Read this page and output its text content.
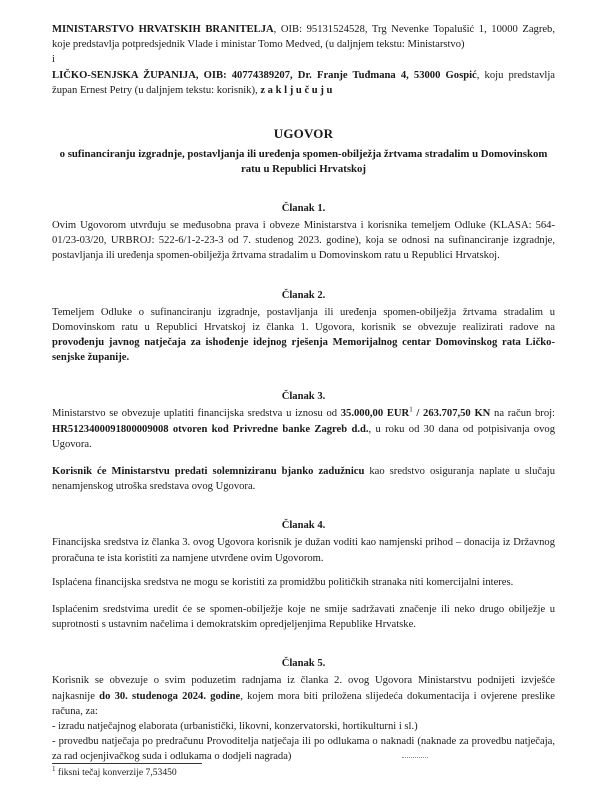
MINISTARSTVO HRVATSKIH BRANITELJA, OIB: 95131524528, Trg Nevenke Topalušić 1, 10000 Zagreb, koje predstavlja potpredsjednik Vlade i ministar Tomo Medved, (u daljnjem tekstu: Ministarstvo)

i

LIČKO-SENJSKA ŽUPANIJA, OIB: 40774389207, Dr. Franje Tuđmana 4, 53000 Gospić, koju predstavlja župan Ernest Petry (u daljnjem tekstu: korisnik), z a k l j u č u j u

UGOVOR
o sufinanciranju izgradnje, postavljanja ili uređenja spomen-obilježja žrtvama stradalim u Domovinskom ratu u Republici Hrvatskoj
Članak 1.

Ovim Ugovorom utvrđuju se međusobna prava i obveze Ministarstva i korisnika temeljem Odluke (KLASA: 564-01/23-03/20, URBROJ: 522-6/1-2-23-3 od 7. studenog 2023. godine), koja se odnosi na sufinanciranje izgradnje, postavljanja ili uređenja spomen-obilježja žrtvama stradalim u Domovinskom ratu u Republici Hrvatskoj.

Članak 2.

Temeljem Odluke o sufinanciranju izgradnje, postavljanja ili uređenja spomen-obilježja žrtvama stradalim u Domovinskom ratu u Republici Hrvatskoj iz članka 1. Ugovora, korisnik se obvezuje realizirati radove na provođenju javnog natječaja za ishođenje idejnog rješenja Memorijalnog centar Domovinskog rata Ličko-senjske županije.

Članak 3.

Ministarstvo se obvezuje uplatiti financijska sredstva u iznosu od 35.000,00 EUR$^1$ / 263.707,50 KN na račun broj: HR5123400091800009008 otvoren kod Privredne banke Zagreb d.d., u roku od 30 dana od potpisivanja ovog Ugovora.

Korisnik će Ministarstvu predati solemniziranu bjanko zadužnicu kao sredstvo osiguranja naplate u slučaju nenamjenskog utroška sredstava ovog Ugovora.

Članak 4.

Financijska sredstva iz članka 3. ovog Ugovora korisnik je dužan voditi kao namjenski prihod – donacija iz Državnog proračuna te ista koristiti za namjene utvrđene ovim Ugovorom.

Isplaćena financijska sredstva ne mogu se koristiti za promidžbu političkih stranaka niti komercijalni interes.

Isplaćenim sredstvima uredit će se spomen-obilježje koje ne smije sadržavati značenje ili neko drugo obilježje u suprotnosti s ustavnim načelima i demokratskim opredjeljenjima Republike Hrvatske.

Članak 5.

Korisnik se obvezuje o svim poduzetim radnjama iz članka 2. ovog Ugovora Ministarstvu podnijeti izvješće najkasnije do 30. studenoga 2024. godine, kojem mora biti priložena slijedeća dokumentacija i ovjerene preslike računa, za:

- izradu natječajnog elaborata (urbanistički, likovni, konzervatorski, hortikulturni i sl.)
- provedbu natječaja po predračunu Provoditelja natječaja ili po odlukama o naknadi (naknade za provedbu natječaja, za rad ocjenjivačkog suda i odlukama o dodjeli nagrada)
$^1$ fiksni tečaj konverzije 7,53450
